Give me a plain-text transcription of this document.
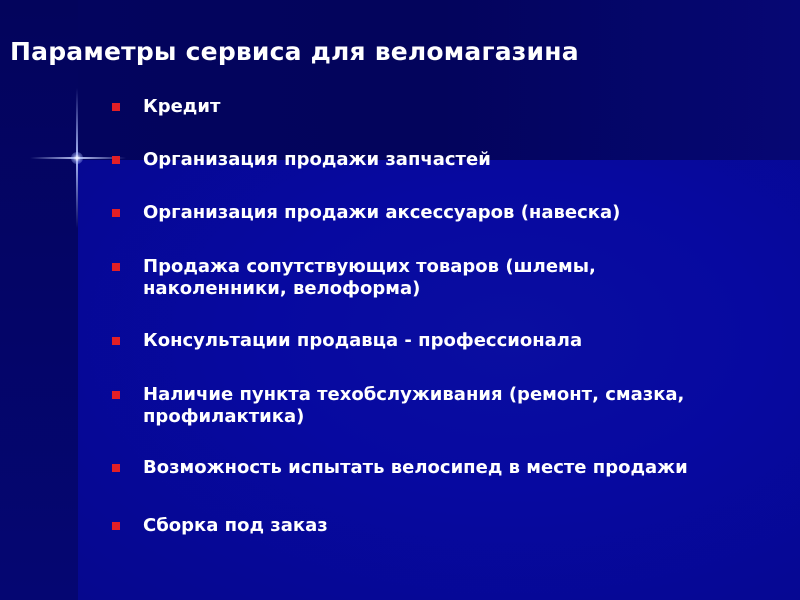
Параметры сервиса для веломагазина
Кредит
Организация продажи запчастей
Организация продажи аксессуаров (навеска)
Продажа сопутствующих товаров (шлемы, наколенники, велоформа)
Консультации продавца - профессионала
Наличие пункта техобслуживания (ремонт, смазка, профилактика)
Возможность испытать велосипед в месте продажи
Сборка под заказ
